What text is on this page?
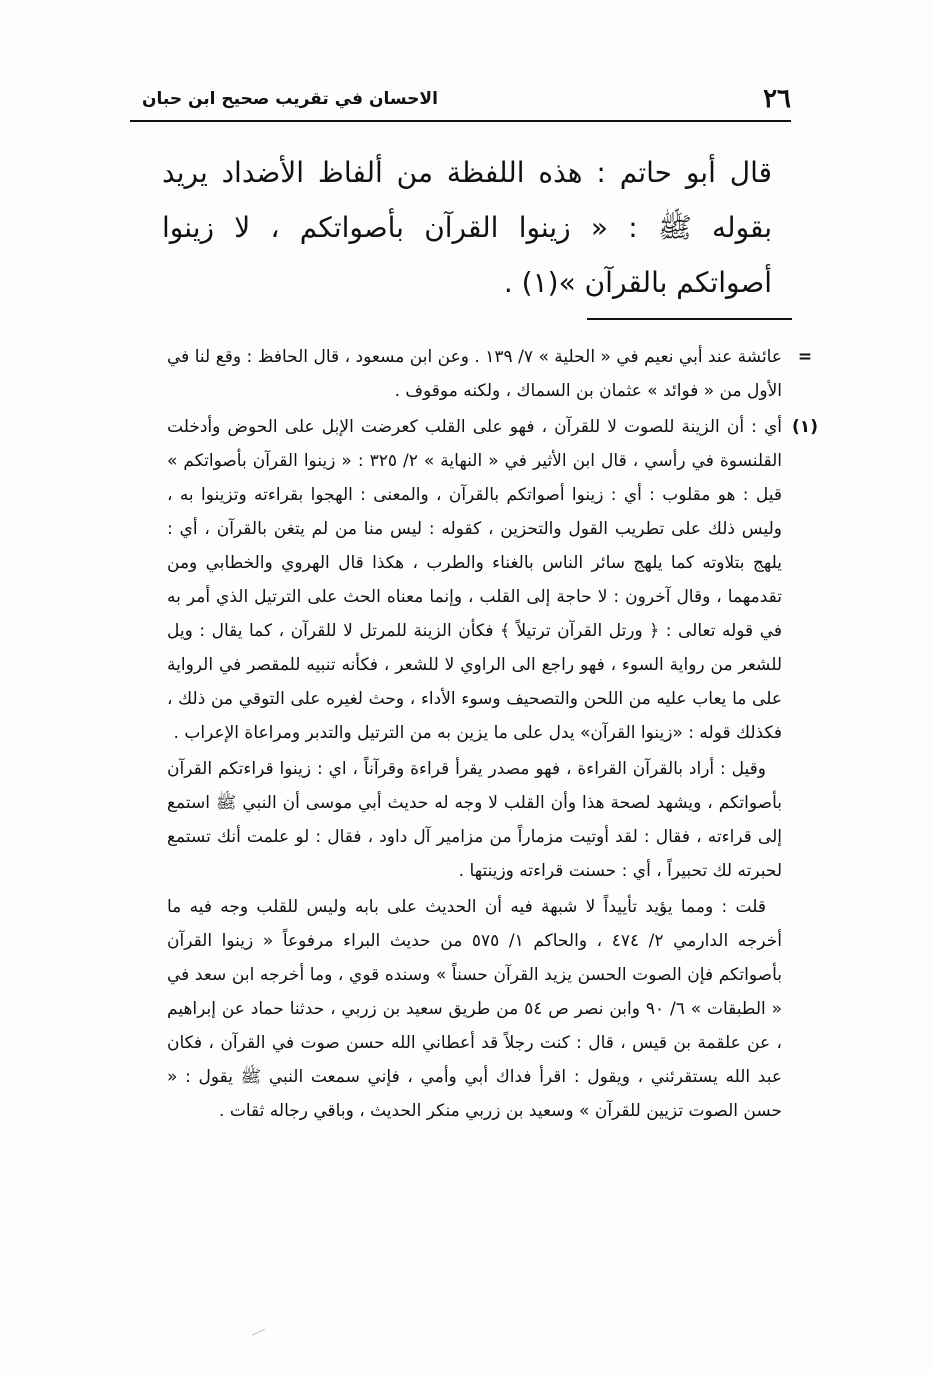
٢٦
الاحسان في تقريب صحيح ابن حبان

قال أبو حاتم : هذه اللفظة من ألفاظ الأضداد يريد بقوله ﷺ : « زينوا القرآن بأصواتكم ، لا زينوا أصواتكم بالقرآن »(١) .

=

عائشة عند أبي نعيم في « الحلية » ٧/ ١٣٩ . وعن ابن مسعود ، قال الحافظ : وقع لنا في الأول من « فوائد » عثمان بن السماك ، ولكنه موقوف .

(١)

أي : أن الزينة للصوت لا للقرآن ، فهو على القلب كعرضت الإبل على الحوض وأدخلت القلنسوة في رأسي ، قال ابن الأثير في « النهاية » ٢/ ٣٢٥ : « زينوا القرآن بأصواتكم » قيل : هو مقلوب : أي : زينوا أصواتكم بالقرآن ، والمعنى : الهجوا بقراءته وتزينوا به ، وليس ذلك على تطريب القول والتحزين ، كقوله : ليس منا من لم يتغن بالقرآن ، أي : يلهج بتلاوته كما يلهج سائر الناس بالغناء والطرب ، هكذا قال الهروي والخطابي ومن تقدمهما ، وقال آخرون : لا حاجة إلى القلب ، وإنما معناه الحث على الترتيل الذي أمر به في قوله تعالى : ﴿ ورتل القرآن ترتيلاً ﴾ فكأن الزينة للمرتل لا للقرآن ، كما يقال : ويل للشعر من رواية السوء ، فهو راجع الى الراوي لا للشعر ، فكأنه تنبيه للمقصر في الرواية على ما يعاب عليه من اللحن والتصحيف وسوء الأداء ، وحث لغيره على التوقي من ذلك ، فكذلك قوله : «زينوا القرآن» يدل على ما يزين به من الترتيل والتدبر ومراعاة الإعراب .

وقيل : أراد بالقرآن القراءة ، فهو مصدر يقرأ قراءة وقرآناً ، اي : زينوا قراءتكم القرآن بأصواتكم ، ويشهد لصحة هذا وأن القلب لا وجه له حديث أبي موسى أن النبي ﷺ استمع إلى قراءته ، فقال : لقد أوتيت مزماراً من مزامير آل داود ، فقال : لو علمت أنك تستمع لحبرته لك تحبيراً ، أي : حسنت قراءته وزينتها .

قلت : ومما يؤيد تأييداً لا شبهة فيه أن الحديث على بابه وليس للقلب وجه فيه ما أخرجه الدارمي ٢/ ٤٧٤ ، والحاكم ١/ ٥٧٥ من حديث البراء مرفوعاً « زينوا القرآن بأصواتكم فإن الصوت الحسن يزيد القرآن حسناً » وسنده قوي ، وما أخرجه ابن سعد في « الطبقات » ٦/ ٩٠ وابن نصر ص ٥٤ من طريق سعيد بن زربي ، حدثنا حماد عن إبراهيم ، عن علقمة بن قيس ، قال : كنت رجلاً قد أعطاني الله حسن صوت في القرآن ، فكان عبد الله يستقرئني ، ويقول : اقرأ فداك أبي وأمي ، فإني سمعت النبي ﷺ يقول : « حسن الصوت تزيين للقرآن » وسعيد بن زربي منكر الحديث ، وباقي رجاله ثقات .
